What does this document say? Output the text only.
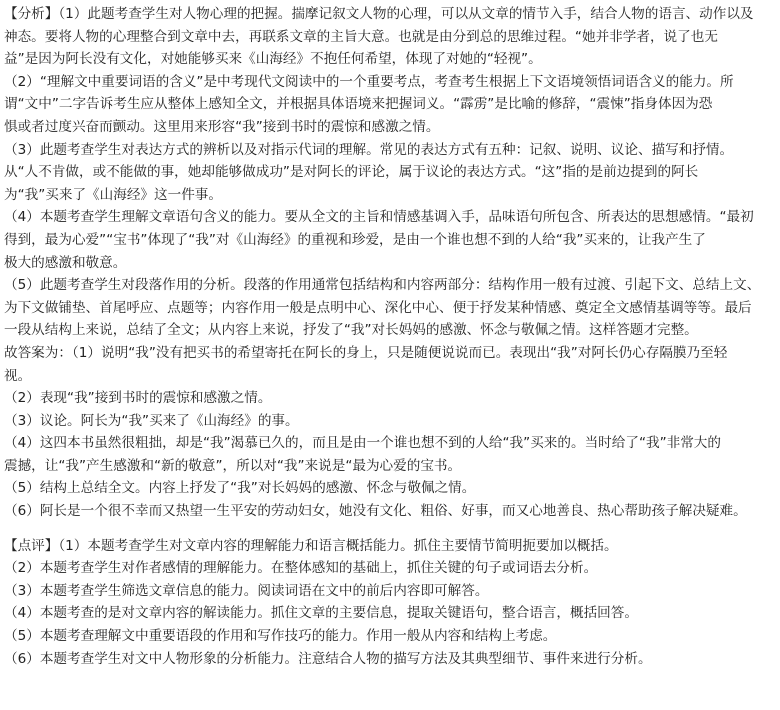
【分析】（1）此题考查学生对人物心理的把握。揣摩记叙文人物的心理，可以从文章的情节入手，结合人物的语言、动作以及
神态。要将人物的心理整合到文章中去，再联系文章的主旨大意。也就是由分到总的思维过程。“她并非学者，说了也无
益”是因为阿长没有文化，对她能够买来《山海经》不抱任何希望，体现了对她的“轻视”。
（2）“理解文中重要词语的含义”是中考现代文阅读中的一个重要考点，考查考生根据上下文语境领悟词语含义的能力。所
谓“文中”二字告诉考生应从整体上感知全文，并根据具体语境来把握词义。“霹雳”是比喻的修辞，“震悚”指身体因为恐
惧或者过度兴奋而颤动。这里用来形容“我”接到书时的震惊和感激之情。
（3）此题考查学生对表达方式的辨析以及对指示代词的理解。常见的表达方式有五种：记叙、说明、议论、描写和抒情。
从“人不肯做，或不能做的事，她却能够做成功”是对阿长的评论，属于议论的表达方式。“这”指的是前边提到的阿长
为“我”买来了《山海经》这一件事。
（4）本题考查学生理解文章语句含义的能力。要从全文的主旨和情感基调入手，品味语句所包含、所表达的思想感情。“最初
得到，最为心爱”“宝书”体现了“我”对《山海经》的重视和珍爱，是由一个谁也想不到的人给“我”买来的，让我产生了
极大的感激和敬意。
（5）此题考查学生对段落作用的分析。段落的作用通常包括结构和内容两部分：结构作用一般有过渡、引起下文、总结上文、
为下文做铺垫、首尾呼应、点题等；内容作用一般是点明中心、深化中心、便于抒发某种情感、奠定全文感情基调等等。最后
一段从结构上来说，总结了全文；从内容上来说，抒发了“我”对长妈妈的感激、怀念与敬佩之情。这样答题才完整。
故答案为：（1）说明“我”没有把买书的希望寄托在阿长的身上，只是随便说说而已。表现出“我”对阿长仍心存隔膜乃至轻
视。
（2）表现“我”接到书时的震惊和感激之情。
（3）议论。阿长为“我”买来了《山海经》的事。
（4）这四本书虽然很粗拙，却是“我”渴慕已久的，而且是由一个谁也想不到的人给“我”买来的。当时给了“我”非常大的
震撼，让“我”产生感激和“新的敬意”，所以对“我”来说是“最为心爱的宝书。
（5）结构上总结全文。内容上抒发了“我”对长妈妈的感激、怀念与敬佩之情。
（6）阿长是一个很不幸而又热望一生平安的劳动妇女，她没有文化、粗俗、好事，而又心地善良、热心帮助孩子解决疑难。
【点评】（1）本题考查学生对文章内容的理解能力和语言概括能力。抓住主要情节简明扼要加以概括。
（2）本题考查学生对作者感情的理解能力。在整体感知的基础上，抓住关键的句子或词语去分析。
（3）本题考查学生筛选文章信息的能力。阅读词语在文中的前后内容即可解答。
（4）本题考查的是对文章内容的解读能力。抓住文章的主要信息，提取关键语句，整合语言，概括回答。
（5）本题考查理解文中重要语段的作用和写作技巧的能力。作用一般从内容和结构上考虑。
（6）本题考查学生对文中人物形象的分析能力。注意结合人物的描写方法及其典型细节、事件来进行分析。
